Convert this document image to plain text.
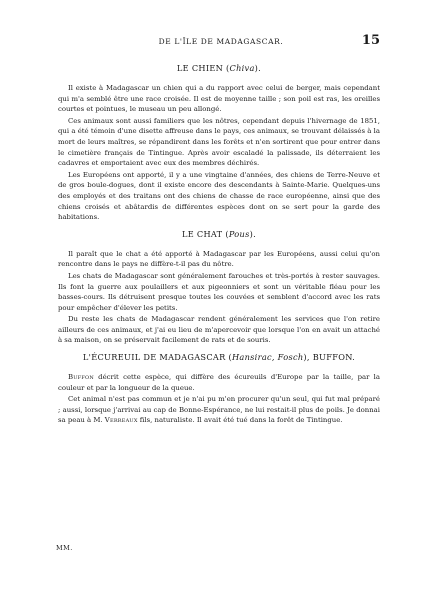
DE L'ÎLE DE MADAGASCAR.	15
LE CHIEN (Chiva).

Il existe à Madagascar un chien qui a du rapport avec celui de berger, mais cependant qui m'a semblé être une race croisée. Il est de moyenne taille ; son poil est ras, les oreilles courtes et pointues, le museau un peu allongé.

Ces animaux sont aussi familiers que les nôtres, cependant depuis l'hivernage de 1851, qui a été témoin d'une disette affreuse dans le pays, ces animaux, se trouvant délaissés à la mort de leurs maîtres, se répandirent dans les forêts et n'en sortirent que pour entrer dans le cimetière français de Tintingue. Après avoir escaladé la palissade, ils déterraient les cadavres et emportaient avec eux des membres déchirés.

Les Européens ont apporté, il y a une vingtaine d'années, des chiens de Terre-Neuve et de gros boule-dogues, dont il existe encore des descendants à Sainte-Marie. Quelques-uns des employés et des traitans ont des chiens de chasse de race européenne, ainsi que des chiens croisés et abâtardis de différentes espèces dont on se sert pour la garde des habitations.

LE CHAT (Pous).

Il paraît que le chat a été apporté à Madagascar par les Européens, aussi celui qu'on rencontre dans le pays ne diffère-t-il pas du nôtre.

Les chats de Madagascar sont généralement farouches et très-portés à rester sauvages. Ils font la guerre aux poulaillers et aux pigeonniers et sont un véritable fléau pour les basses-cours. Ils détruisent presque toutes les couvées et semblent d'accord avec les rats pour empêcher d'élever les petits.

Du reste les chats de Madagascar rendent généralement les services que l'on retire ailleurs de ces animaux, et j'ai eu lieu de m'apercevoir que lorsque l'on en avait un attaché à sa maison, on se préservait facilement de rats et de souris.

L'ÉCUREUIL DE MADAGASCAR (Hansirac, Fosch), BUFFON.

Buffon décrit cette espèce, qui diffère des écureuils d'Europe par la taille, par la couleur et par la longueur de la queue.

Cet animal n'est pas commun et je n'ai pu m'en procurer qu'un seul, qui fut mal préparé ; aussi, lorsque j'arrivai au cap de Bonne-Espérance, ne lui restait-il plus de poils. Je donnai sa peau à M. Verreaux fils, naturaliste. Il avait été tué dans la forêt de Tintingue.

MM.
